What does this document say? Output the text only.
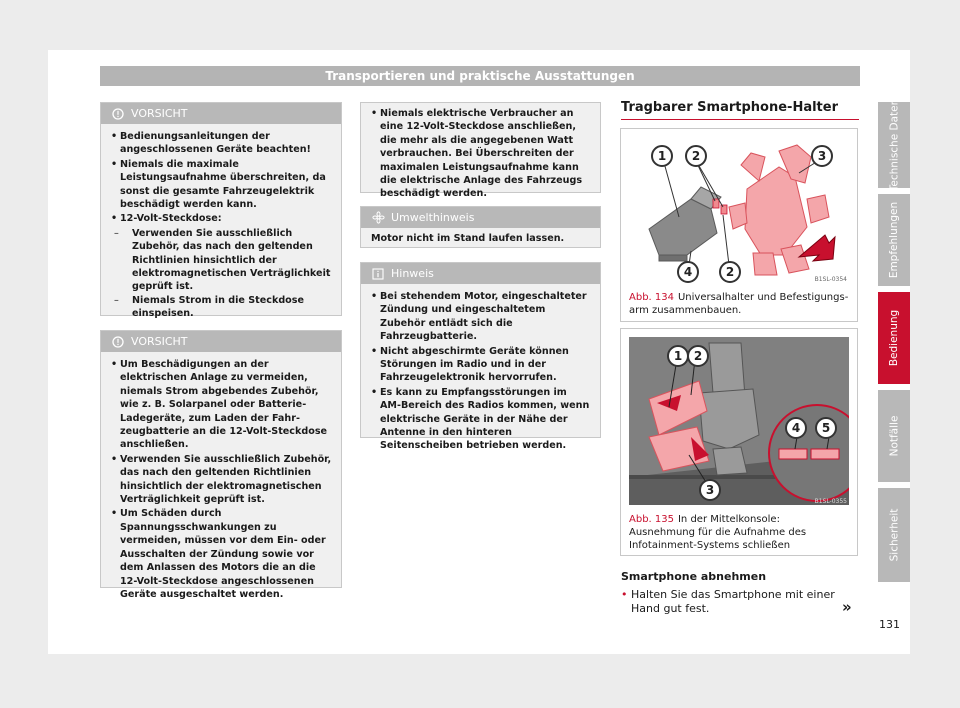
Transportieren und praktische Ausstattungen
VORSICHT
• Bedienungsanleitungen der angeschlossenen Geräte beachten!
• Niemals die maximale Leistungsaufnahme überschreiten, da sonst die gesamte Fahrzeugelektrik beschädigt werden kann.
• 12-Volt-Steckdose:
– Verwenden Sie ausschließlich Zubehör, das nach den geltenden Richtlinien hinsichtlich der elektromagnetischen Verträglichkeit geprüft ist.
– Niemals Strom in die Steckdose einspeisen.
VORSICHT
• Um Beschädigungen an der elektrischen Anlage zu vermeiden, niemals Strom abgebendes Zubehör, wie z. B. Solarpanel oder Batterie-Ladegeräte, zum Laden der Fahrzeugbatterie an die 12-Volt-Steckdose anschließen.
• Verwenden Sie ausschließlich Zubehör, das nach den geltenden Richtlinien hinsichtlich der elektromagnetischen Verträglichkeit geprüft ist.
• Um Schäden durch Spannungsschwankungen zu vermeiden, müssen vor dem Ein- oder Ausschalten der Zündung sowie vor dem Anlassen des Motors die an die 12-Volt-Steckdose angeschlossenen Geräte ausgeschaltet werden.
• Niemals elektrische Verbraucher an eine 12-Volt-Steckdose anschließen, die mehr als die angegebenen Watt verbrauchen. Bei Überschreiten der maximalen Leistungsaufnahme kann die elektrische Anlage des Fahrzeugs beschädigt werden.
Umwelthinweis
Motor nicht im Stand laufen lassen.
Hinweis
• Bei stehendem Motor, eingeschalteter Zündung und eingeschaltetem Zubehör entlädt sich die Fahrzeugbatterie.
• Nicht abgeschirmte Geräte können Störungen im Radio und in der Fahrzeugelektronik hervorrufen.
• Es kann zu Empfangsstörungen im AM-Bereich des Radios kommen, wenn elektrische Geräte in der Nähe der Antenne in den hinteren Seitenscheiben betrieben werden.
Tragbarer Smartphone-Halter
1	2	3
4	2
B1SL-0354
Abb. 134 Universalhalter und Befestigungsarm zusammenbauen.
1 2
3
4	5
B1SL-0355
Abb. 135 In der Mittelkonsole: Ausnehmung für die Aufnahme des Infotainment-Systems schließen
Smartphone abnehmen
• Halten Sie das Smartphone mit einer Hand gut fest.	»
131
Technische Daten
Empfehlungen
Bedienung
Notfälle
Sicherheit
